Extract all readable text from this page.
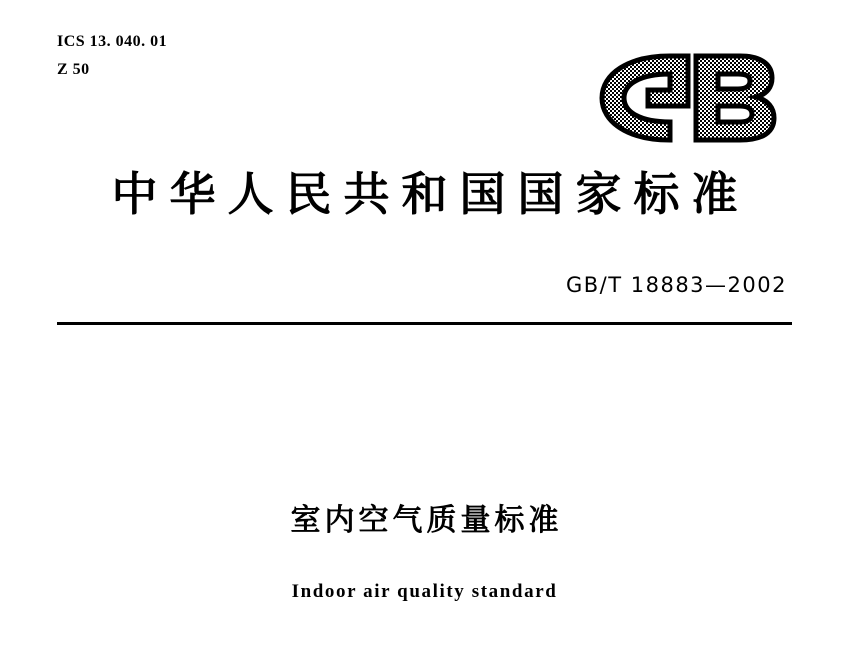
ICS 13. 040. 01
Z 50
中华人民共和国国家标准
GB/T 18883—2002
室内空气质量标准
Indoor air quality standard
